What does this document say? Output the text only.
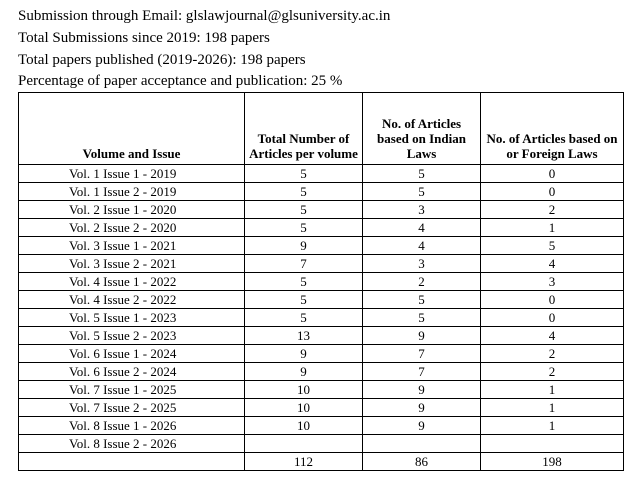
Submission through Email: glslawjournal@glsuniversity.ac.in
Total Submissions since 2019: 198 papers
Total papers published (2019-2026): 198 papers
Percentage of paper acceptance and publication: 25 %
Volume and Issue	Total Number of Articles per volume	No. of Articles based on Indian Laws	No. of Articles based on or Foreign Laws
Vol. 1 Issue 1 - 2019	5	5	0
Vol. 1 Issue 2 - 2019	5	5	0
Vol. 2 Issue 1 - 2020	5	3	2
Vol. 2 Issue 2 - 2020	5	4	1
Vol. 3 Issue 1 - 2021	9	4	5
Vol. 3 Issue 2 - 2021	7	3	4
Vol. 4 Issue 1 - 2022	5	2	3
Vol. 4 Issue 2 - 2022	5	5	0
Vol. 5 Issue 1 - 2023	5	5	0
Vol. 5 Issue 2 - 2023	13	9	4
Vol. 6 Issue 1 - 2024	9	7	2
Vol. 6 Issue 2 - 2024	9	7	2
Vol. 7 Issue 1 - 2025	10	9	1
Vol. 7 Issue 2 - 2025	10	9	1
Vol. 8 Issue 1 - 2026	10	9	1
Vol. 8 Issue 2 - 2026			
	112	86	198
